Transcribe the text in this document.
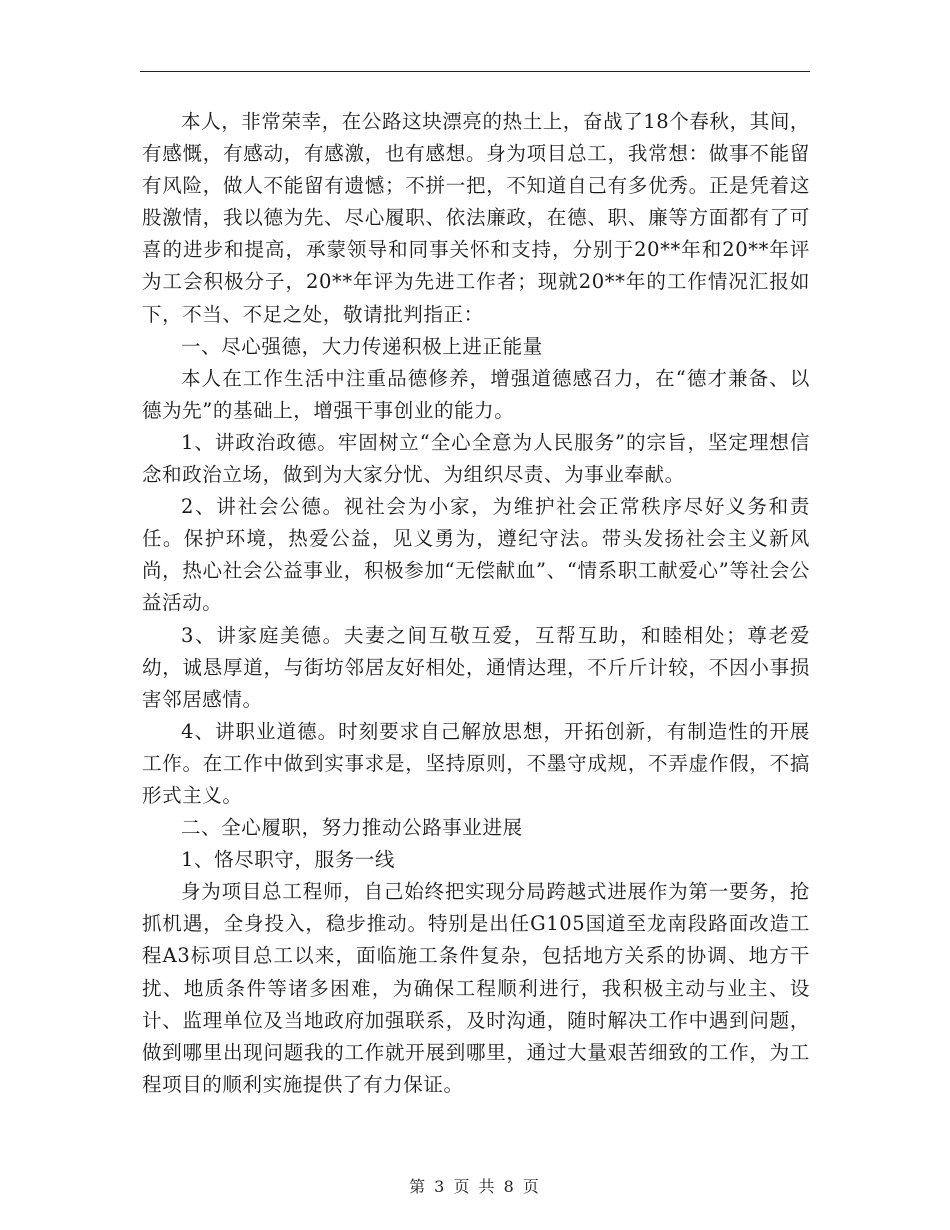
本人，非常荣幸，在公路这块漂亮的热土上，奋战了18个春秋，其间，有感慨，有感动，有感激，也有感想。身为项目总工，我常想：做事不能留有风险，做人不能留有遗憾；不拼一把，不知道自己有多优秀。正是凭着这股激情，我以德为先、尽心履职、依法廉政，在德、职、廉等方面都有了可喜的进步和提高，承蒙领导和同事关怀和支持，分别于20**年和20**年评为工会积极分子，20**年评为先进工作者；现就20**年的工作情况汇报如下，不当、不足之处，敬请批判指正：

一、尽心强德，大力传递积极上进正能量

本人在工作生活中注重品德修养，增强道德感召力，在“德才兼备、以德为先”的基础上，增强干事创业的能力。

1、讲政治政德。牢固树立“全心全意为人民服务”的宗旨，坚定理想信念和政治立场，做到为大家分忧、为组织尽责、为事业奉献。

2、讲社会公德。视社会为小家，为维护社会正常秩序尽好义务和责任。保护环境，热爱公益，见义勇为，遵纪守法。带头发扬社会主义新风尚，热心社会公益事业，积极参加“无偿献血”、“情系职工献爱心”等社会公益活动。

3、讲家庭美德。夫妻之间互敬互爱，互帮互助，和睦相处；尊老爱幼，诚恳厚道，与街坊邻居友好相处，通情达理，不斤斤计较，不因小事损害邻居感情。

4、讲职业道德。时刻要求自己解放思想，开拓创新，有制造性的开展工作。在工作中做到实事求是，坚持原则，不墨守成规，不弄虚作假，不搞形式主义。

二、全心履职，努力推动公路事业进展

1、恪尽职守，服务一线

身为项目总工程师，自己始终把实现分局跨越式进展作为第一要务，抢抓机遇，全身投入，稳步推动。特别是出任G105国道至龙南段路面改造工程A3标项目总工以来，面临施工条件复杂，包括地方关系的协调、地方干扰、地质条件等诸多困难，为确保工程顺利进行，我积极主动与业主、设计、监理单位及当地政府加强联系，及时沟通，随时解决工作中遇到问题，做到哪里出现问题我的工作就开展到哪里，通过大量艰苦细致的工作，为工程项目的顺利实施提供了有力保证。

第 3 页 共 8 页
